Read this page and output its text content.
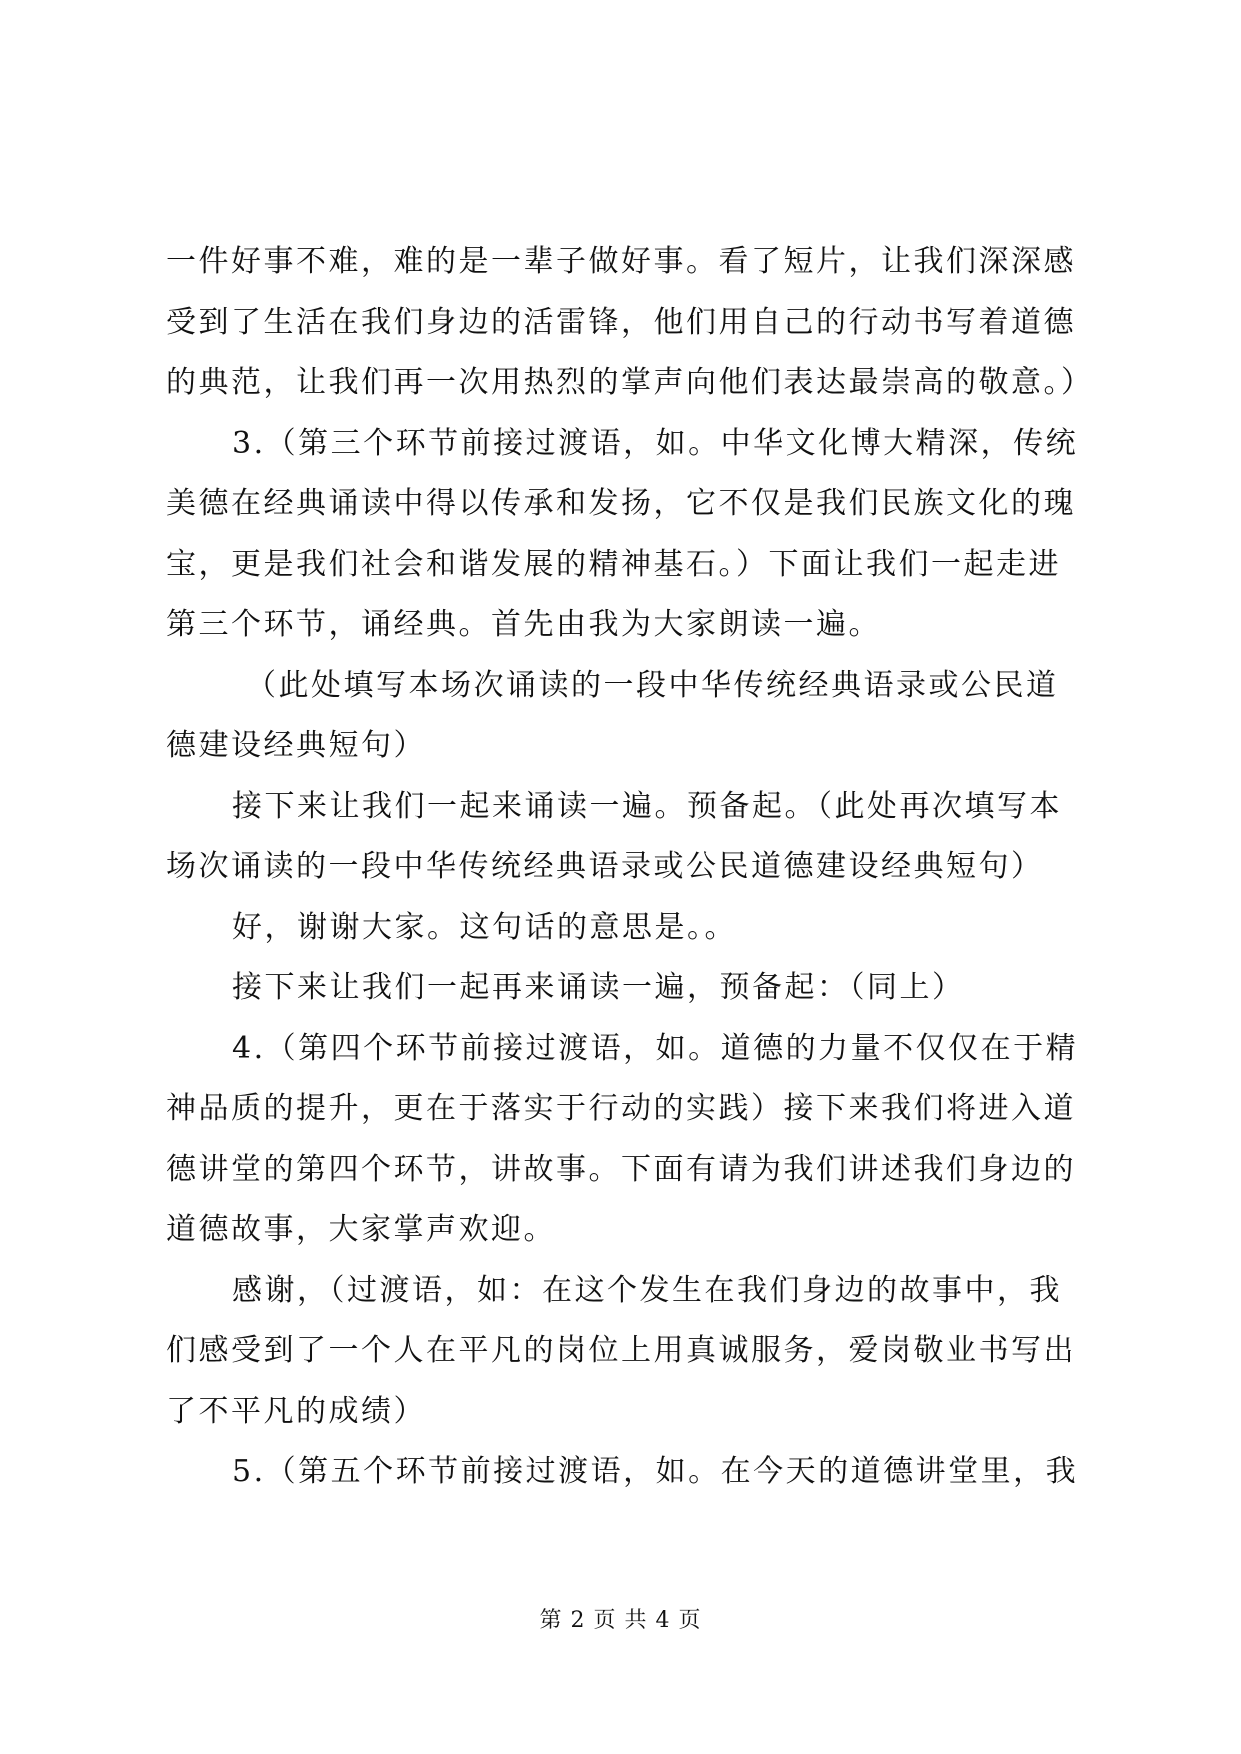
一件好事不难，难的是一辈子做好事。看了短片，让我们深深感
受到了生活在我们身边的活雷锋，他们用自己的行动书写着道德
的典范，让我们再一次用热烈的掌声向他们表达最崇高的敬意。）
3.（第三个环节前接过渡语，如。中华文化博大精深，传统
美德在经典诵读中得以传承和发扬，它不仅是我们民族文化的瑰
宝，更是我们社会和谐发展的精神基石。）下面让我们一起走进
第三个环节，诵经典。首先由我为大家朗读一遍。
（此处填写本场次诵读的一段中华传统经典语录或公民道
德建设经典短句）
接下来让我们一起来诵读一遍。预备起。（此处再次填写本
场次诵读的一段中华传统经典语录或公民道德建设经典短句）
好，谢谢大家。这句话的意思是。。
接下来让我们一起再来诵读一遍，预备起：（同上）
4.（第四个环节前接过渡语，如。道德的力量不仅仅在于精
神品质的提升，更在于落实于行动的实践）接下来我们将进入道
德讲堂的第四个环节，讲故事。下面有请为我们讲述我们身边的
道德故事，大家掌声欢迎。
感谢，（过渡语，如：在这个发生在我们身边的故事中，我
们感受到了一个人在平凡的岗位上用真诚服务，爱岗敬业书写出
了不平凡的成绩）
5.（第五个环节前接过渡语，如。在今天的道德讲堂里，我
第 2 页 共 4 页
